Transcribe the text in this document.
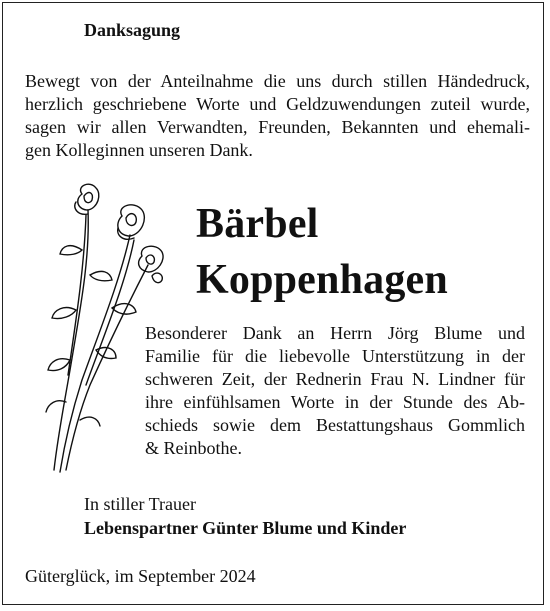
Danksagung
Bewegt von der Anteilnahme die uns durch stillen Händedruck,
herzlich geschriebene Worte und Geldzuwendungen zuteil wurde,
sagen wir allen Verwandten, Freunden, Bekannten und ehemali-
gen Kolleginnen unseren Dank.
Bärbel
Koppenhagen
Besonderer Dank an Herrn Jörg Blume und
Familie für die liebevolle Unterstützung in der
schweren Zeit, der Rednerin Frau N. Lindner für
ihre einfühlsamen Worte in der Stunde des Ab-
schieds sowie dem Bestattungshaus Gommlich
& Reinbothe.
In stiller Trauer
Lebenspartner Günter Blume und Kinder
Güterglück, im September 2024
